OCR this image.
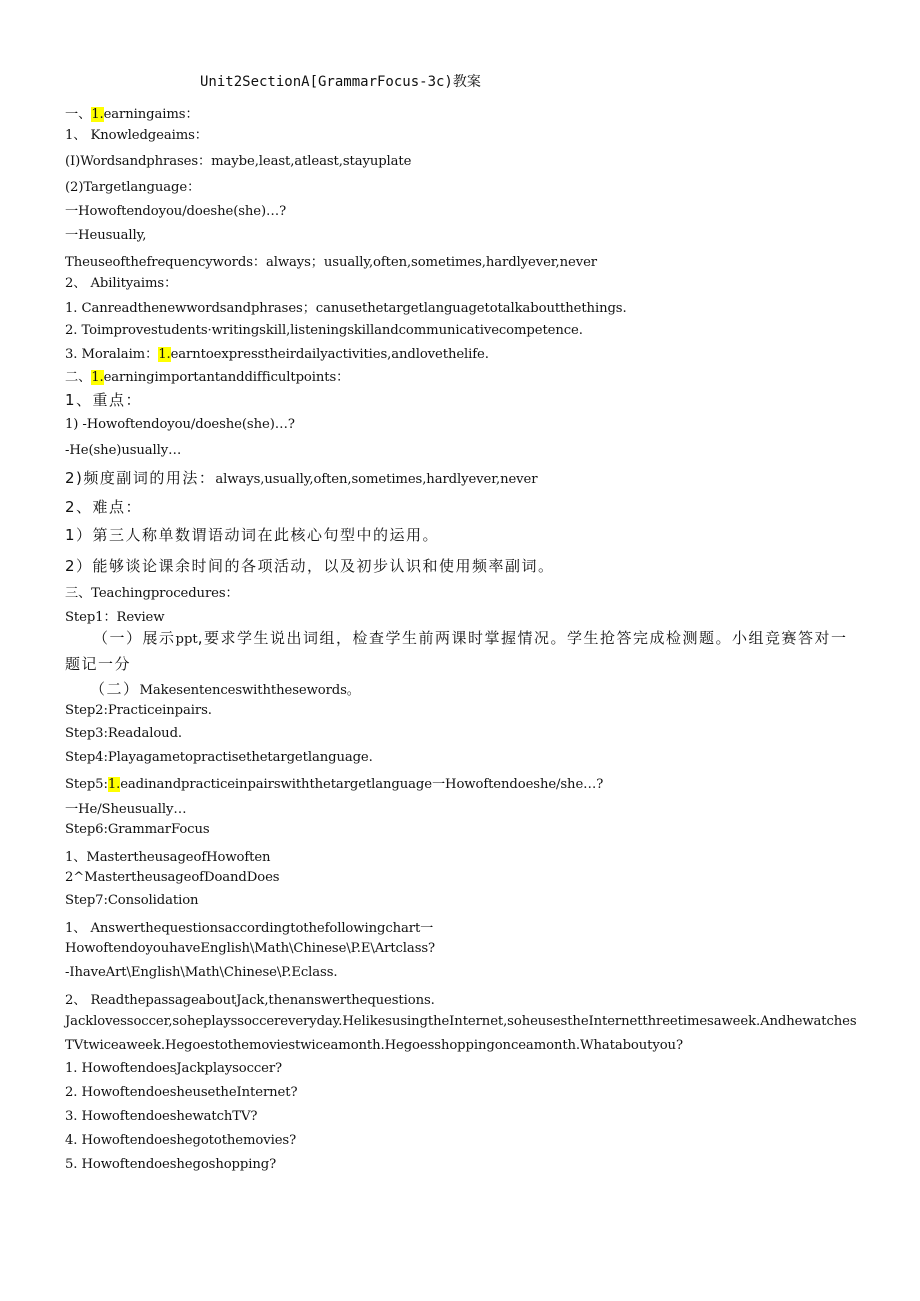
Unit2SectionA[GrammarFocus-3c)教案
一、1.earningaims：
1、 Knowledgeaims：
(I)Wordsandphrases：maybe,least,atleast,stayuplate
(2)Targetlanguage：
一Howoftendoyou/doeshe(she)…?
一Heusually,
Theuseofthefrequencywords：always；usually,often,sometimes,hardlyever,never
2、 Abilityaims：
1. Canreadthenewwordsandphrases；canusethetargetlanguagetotalkaboutthethings.
2. Toimprovestudents·writingskill,listeningskillandcommunicativecompetence.
3. Moralaim：1.earntoexpresstheirdailyactivities,andlovethelife.
二、1.earningimportantanddifficultpoints：
1、重点：
1) -Howoftendoyou/doeshe(she)…?
-He(she)usually…
2)频度副词的用法：always,usually,often,sometimes,hardlyever,never
2、难点：
1）第三人称单数谓语动词在此核心句型中的运用。
2）能够谈论课余时间的各项活动，以及初步认识和使用频率副词。
三、Teachingprocedures：
Step1：Review
（一）展示ppt,要求学生说出词组，检查学生前两课时掌握情况。学生抢答完成检测题。小组竞赛答对一题记一分
（二）Makesentenceswiththesewords。
Step2:Practiceinpairs.
Step3:Readaloud.
Step4:Playagametopractisethetargetlanguage.
Step5:1.eadinandpracticeinpairswiththetargetlanguage一Howoftendoeshe/she…?
一He/Sheusually…
Step6:GrammarFocus
1、MastertheusageofHowoften
2^MastertheusageofDoandDoes
Step7:Consolidation
1、 Answerthequestionsaccordingtothefollowingchart一
HowoftendoyouhaveEnglish\Math\Chinese\P.E\Artclass?
-IhaveArt\English\Math\Chinese\P.Eclass.
2、 ReadthepassageaboutJack,thenanswerthequestions.
Jacklovessoccer,soheplayssoccereveryday.HelikesusingtheInternet,soheusestheInternetthreetimesaweek.AndhewatchesTVtwiceaweek.Hegoestothemoviestwiceamonth.Hegoesshoppingonceamonth.Whataboutyou?
1. HowoftendoesJackplaysoccer?
2. HowoftendoesheusetheInternet?
3. HowoftendoeshewatchTV?
4. Howoftendoeshegotothemovies?
5. Howoftendoeshegoshopping?
